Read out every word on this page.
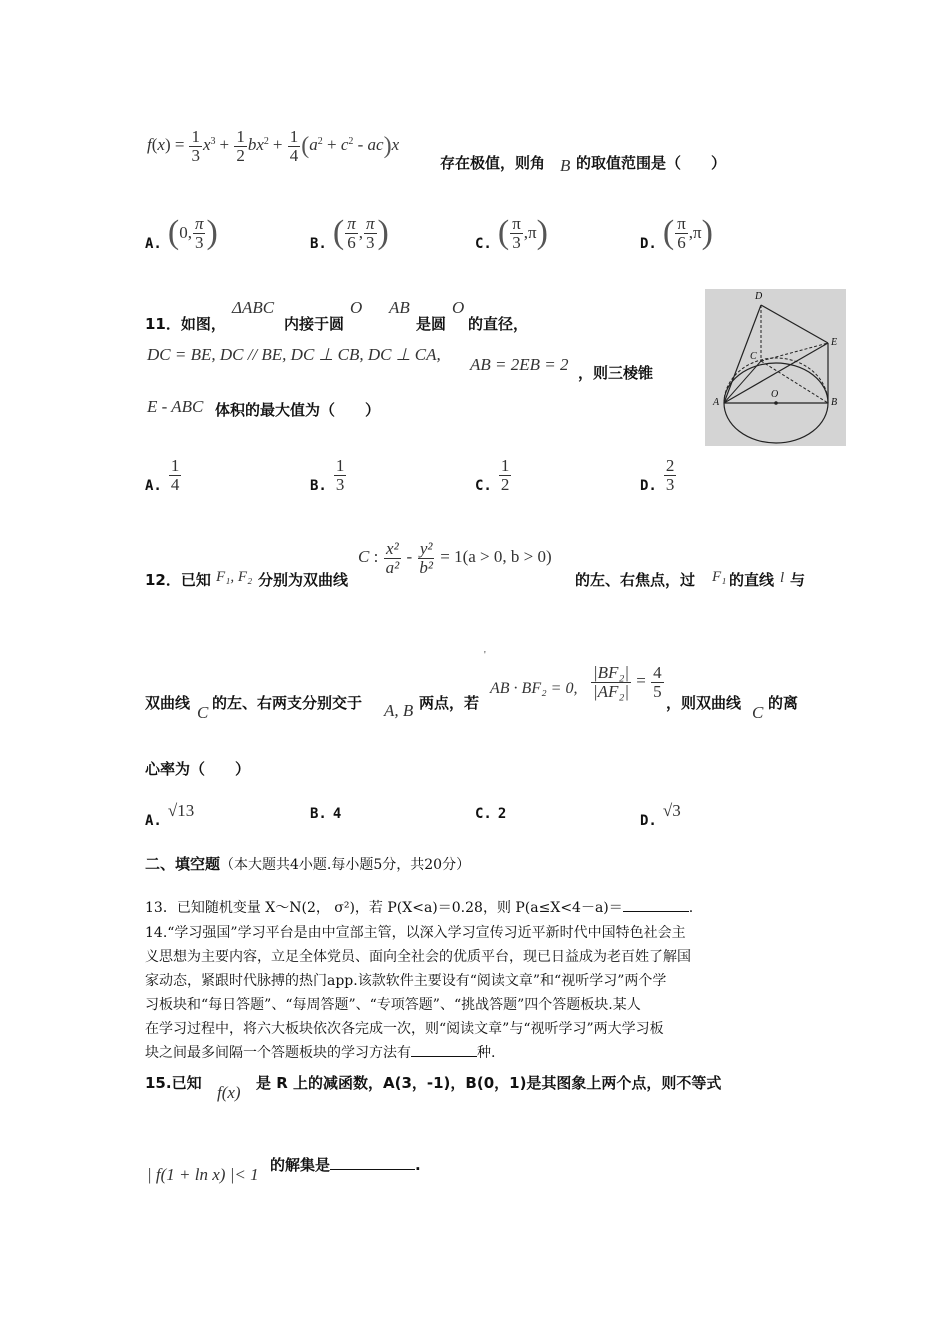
$f(x) = \frac{1}{3} x^3 + \frac{1}{2} bx^2 + \frac{1}{4} (a^2 + c^2 - ac)x$
存在极值，则角 B 的取值范围是（　　）
A. ( 0, $\frac{\pi}{3}$ )	B. ( $\frac{\pi}{6}$ , $\frac{\pi}{3}$ )	C. ( $\frac{\pi}{3} ,\pi$ )	D. ( $\frac{\pi}{6} ,\pi$ )
11．如图，
ΔABC
内接于圆
O AB
是圆
O
的直径，
DC = BE, DC // BE, DC ⊥ CB, DC ⊥ CA,
AB = 2EB = 2 ，则三棱锥
E - ABC 体积的最大值为（　　）
D
E
C
A
O
B
A. $\frac{1}{4}$	B. $\frac{1}{3}$	C. $\frac{1}{2}$	D. $\frac{2}{3}$
12．已知 F₁, F₂ 分别为双曲线
C : $\frac{\text{x²}}{\text{a²}} - \frac{\text{y²}}{\text{b²}} = 1(a > 0$, b > 0)
的左、右焦点，过 F₁ 的直线 l 与
'
双曲线 C 的左、右两支分别交于 A, B 两点，若
AB · BF₂ = 0, $\frac{\text{|BF₂|}}{\text{|AF₂|}} = \frac{4}{5}$
，则双曲线 C 的离
心率为（　　）
A.
√13	B. 4	C. 2	D.
√3
二、填空题（本大题共4小题.每小题5分，共20分）
13．已知随机变量 X～N(2， σ²)，若 P(X<a)＝0.28，则 P(a≤X<4－a)＝	.
14.“学习强国”学习平台是由中宣部主管，以深入学习宣传习近平新时代中国特色社会主
义思想为主要内容，立足全体党员、面向全社会的优质平台，现已日益成为老百姓了解国
家动态，紧跟时代脉搏的热门app.该款软件主要设有“阅读文章”和“视听学习”两个学
习板块和“每日答题”、“每周答题”、“专项答题”、“挑战答题”四个答题板块.某人
在学习过程中，将六大板块依次各完成一次，则“阅读文章”与“视听学习”两大学习板
块之间最多间隔一个答题板块的学习方法有	种.
15.已知 f(x) 是 R 上的减函数，A(3，-1)，B(0，1)是其图象上两个点，则不等式
| f(1 + ln x) |< 1 的解集是	.
